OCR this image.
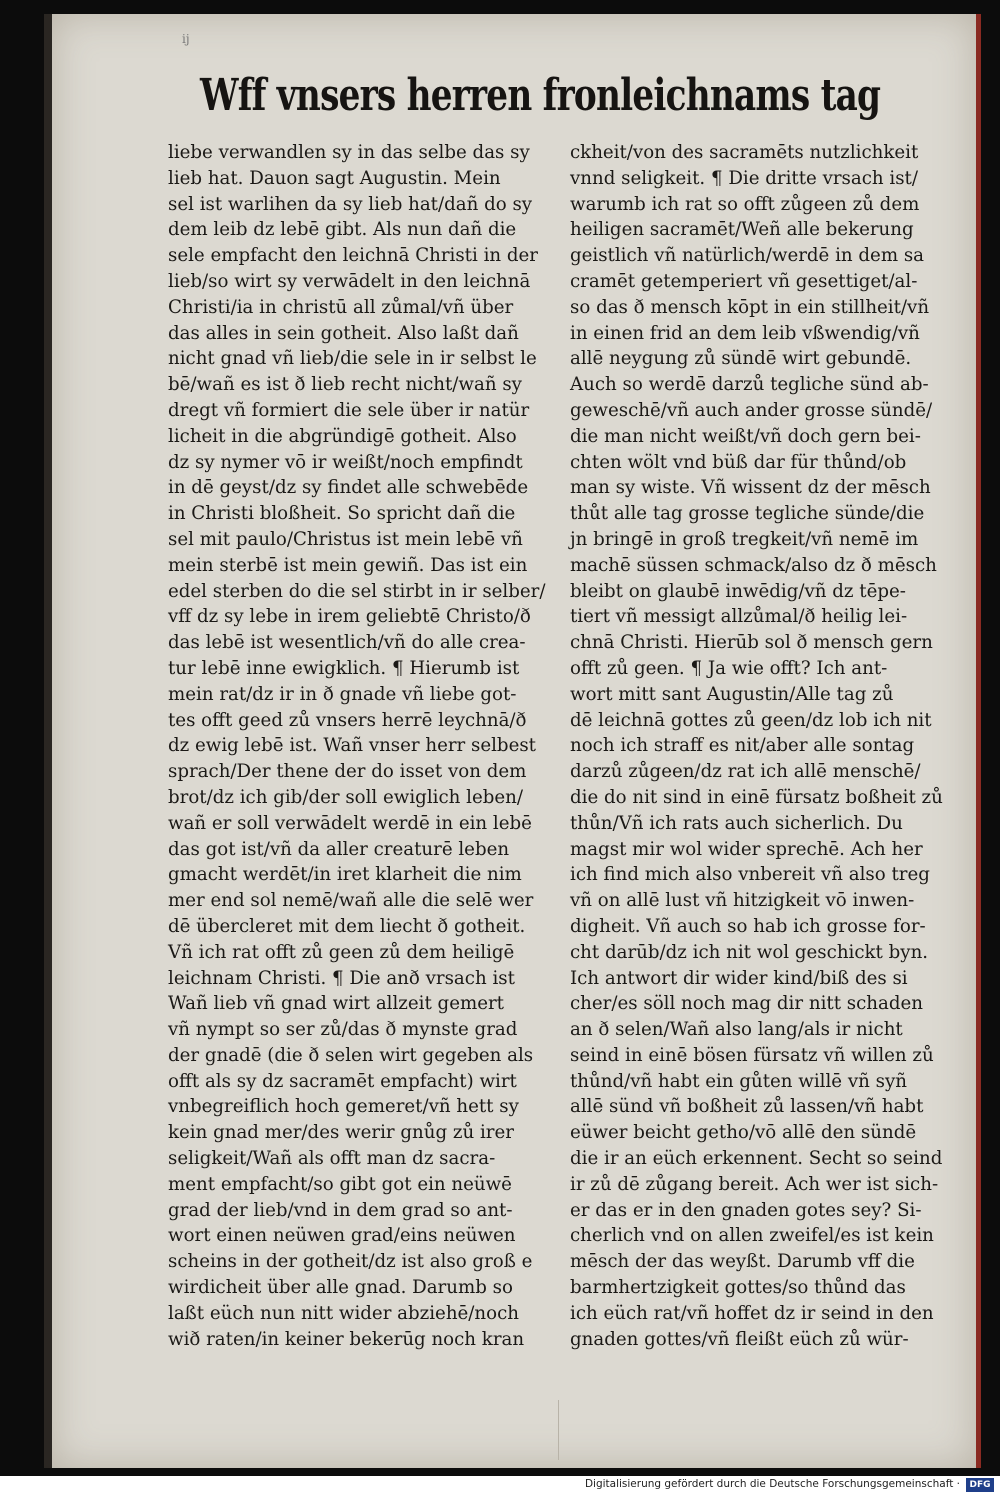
ij
Wff vnsers herren fronleichnams tag
liebe verwandlen sy in das selbe das sy
lieb hat. Dauon sagt Augustin. Mein
sel ist warlihen da sy lieb hat/dañ do sy
dem leib dz lebē gibt. Als nun dañ die
sele empfacht den leichnā Christi in der
lieb/so wirt sy verwādelt in den leichnā
Christi/ia in christū all zůmal/vñ über
das alles in sein gotheit. Also laßt dañ
nicht gnad vñ lieb/die sele in ir selbst le
bē/wañ es ist ð lieb recht nicht/wañ sy
dregt vñ formiert die sele über ir natür
licheit in die abgründigē gotheit. Also
dz sy nymer vō ir weißt/noch empfindt
in dē geyst/dz sy findet alle schwebēde
in Christi bloßheit. So spricht dañ die
sel mit paulo/Christus ist mein lebē vñ
mein sterbē ist mein gewiñ. Das ist ein
edel sterben do die sel stirbt in ir selber/
vff dz sy lebe in irem geliebtē Christo/ð
das lebē ist wesentlich/vñ do alle crea-
tur lebē inne ewigklich. ¶ Hierumb ist
mein rat/dz ir in ð gnade vñ liebe got-
tes offt geed zů vnsers herrē leychnā/ð
dz ewig lebē ist. Wañ vnser herr selbest
sprach/Der thene der do isset von dem
brot/dz ich gib/der soll ewiglich leben/
wañ er soll verwādelt werdē in ein lebē
das got ist/vñ da aller creaturē leben
gmacht werdēt/in iret klarheit die nim
mer end sol nemē/wañ alle die selē wer
dē übercleret mit dem liecht ð gotheit.
Vñ ich rat offt zů geen zů dem heiligē
leichnam Christi. ¶ Die anð vrsach ist
Wañ lieb vñ gnad wirt allzeit gemert
vñ nympt so ser zů/das ð mynste grad
der gnadē (die ð selen wirt gegeben als
offt als sy dz sacramēt empfacht) wirt
vnbegreiflich hoch gemeret/vñ hett sy
kein gnad mer/des werir gnůg zů irer
seligkeit/Wañ als offt man dz sacra-
ment empfacht/so gibt got ein neüwē
grad der lieb/vnd in dem grad so ant-
wort einen neüwen grad/eins neüwen
scheins in der gotheit/dz ist also groß e
wirdicheit über alle gnad. Darumb so
laßt eüch nun nitt wider abziehē/noch
wið raten/in keiner bekerūg noch kran
ckheit/von des sacramēts nutzlichkeit
vnnd seligkeit. ¶ Die dritte vrsach ist/
warumb ich rat so offt zůgeen zů dem
heiligen sacramēt/Weñ alle bekerung
geistlich vñ natürlich/werdē in dem sa
cramēt getemperiert vñ gesettiget/al-
so das ð mensch kōpt in ein stillheit/vñ
in einen frid an dem leib vßwendig/vñ
allē neygung zů sündē wirt gebundē.
Auch so werdē darzů tegliche sünd ab-
geweschē/vñ auch ander grosse sündē/
die man nicht weißt/vñ doch gern bei-
chten wölt vnd büß dar für thůnd/ob
man sy wiste. Vñ wissent dz der mēsch
thůt alle tag grosse tegliche sünde/die
jn bringē in groß tregkeit/vñ nemē im
machē süssen schmack/also dz ð mēsch
bleibt on glaubē inwēdig/vñ dz tēpe-
tiert vñ messigt allzůmal/ð heilig lei-
chnā Christi. Hierūb sol ð mensch gern
offt zů geen. ¶ Ja wie offt? Ich ant-
wort mitt sant Augustin/Alle tag zů
dē leichnā gottes zů geen/dz lob ich nit
noch ich straff es nit/aber alle sontag
darzů zůgeen/dz rat ich allē menschē/
die do nit sind in einē fürsatz boßheit zů
thůn/Vñ ich rats auch sicherlich. Du
magst mir wol wider sprechē. Ach her
ich find mich also vnbereit vñ also treg
vñ on allē lust vñ hitzigkeit vō inwen-
digheit. Vñ auch so hab ich grosse for-
cht darūb/dz ich nit wol geschickt byn.
Ich antwort dir wider kind/biß des si
cher/es söll noch mag dir nitt schaden
an ð selen/Wañ also lang/als ir nicht
seind in einē bösen fürsatz vñ willen zů
thůnd/vñ habt ein gůten willē vñ syñ
allē sünd vñ boßheit zů lassen/vñ habt
eüwer beicht getho/vō allē den sündē
die ir an eüch erkennent. Secht so seind
ir zů dē zůgang bereit. Ach wer ist sich-
er das er in den gnaden gotes sey? Si-
cherlich vnd on allen zweifel/es ist kein
mēsch der das weyßt. Darumb vff die
barmhertzigkeit gottes/so thůnd das
ich eüch rat/vñ hoffet dz ir seind in den
gnaden gottes/vñ fleißt eüch zů wür-
Digitalisierung gefördert durch die Deutsche Forschungsgemeinschaft ·	DFG
